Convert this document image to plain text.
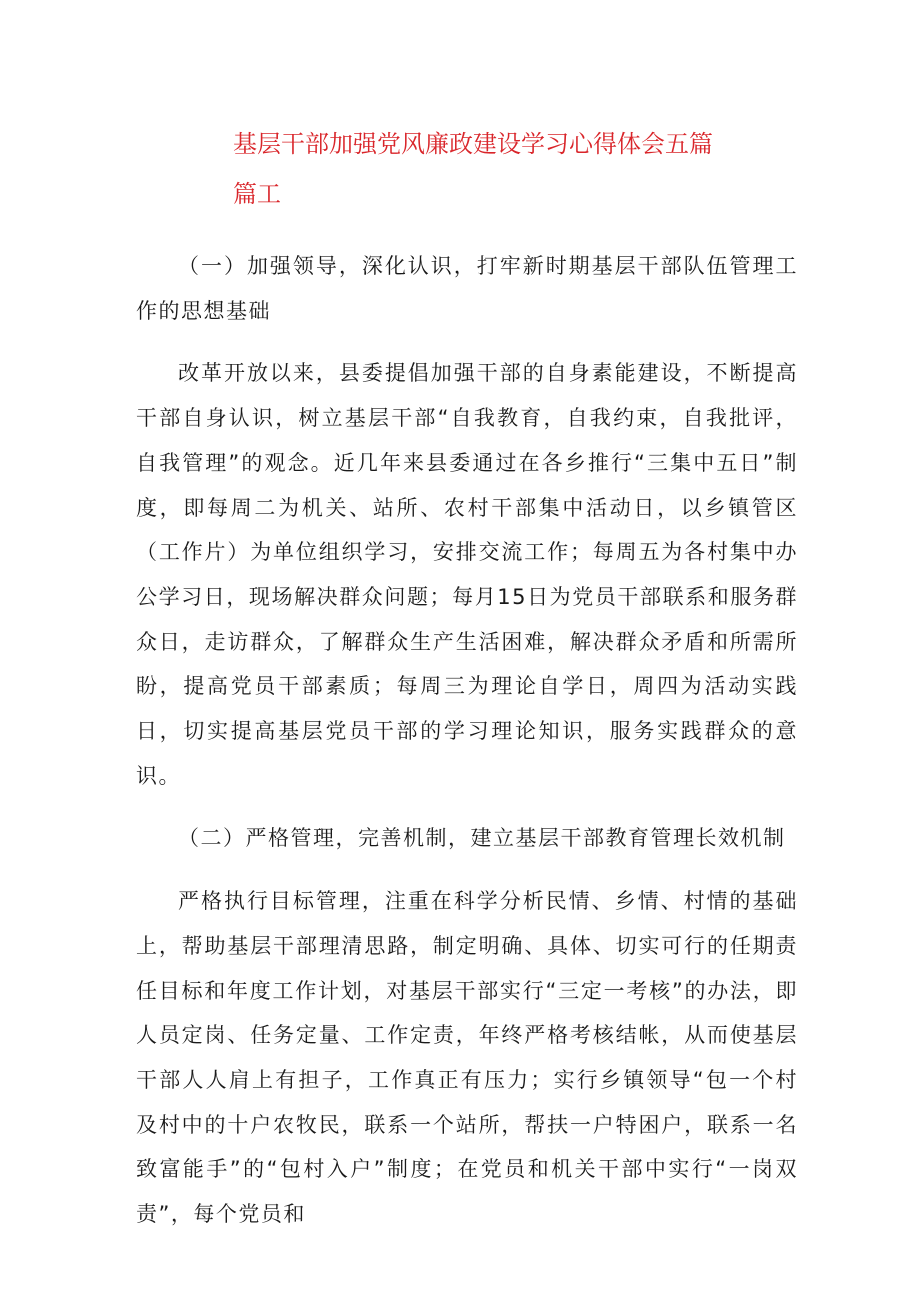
基层干部加强党风廉政建设学习心得体会五篇
篇工

（一）加强领导，深化认识，打牢新时期基层干部队伍管理工作的思想基础

改革开放以来，县委提倡加强干部的自身素能建设，不断提高干部自身认识，树立基层干部“自我教育，自我约束，自我批评，自我管理”的观念。近几年来县委通过在各乡推行“三集中五日”制度，即每周二为机关、站所、农村干部集中活动日，以乡镇管区（工作片）为单位组织学习，安排交流工作；每周五为各村集中办公学习日，现场解决群众问题；每月15日为党员干部联系和服务群众日，走访群众，了解群众生产生活困难，解决群众矛盾和所需所盼，提高党员干部素质；每周三为理论自学日，周四为活动实践日，切实提高基层党员干部的学习理论知识，服务实践群众的意识。

（二）严格管理，完善机制，建立基层干部教育管理长效机制

严格执行目标管理，注重在科学分析民情、乡情、村情的基础上，帮助基层干部理清思路，制定明确、具体、切实可行的任期责任目标和年度工作计划，对基层干部实行“三定一考核”的办法，即人员定岗、任务定量、工作定责，年终严格考核结帐，从而使基层干部人人肩上有担子，工作真正有压力；实行乡镇领导“包一个村及村中的十户农牧民，联系一个站所，帮扶一户特困户，联系一名致富能手”的“包村入户”制度；在党员和机关干部中实行“一岗双责”，每个党员和
